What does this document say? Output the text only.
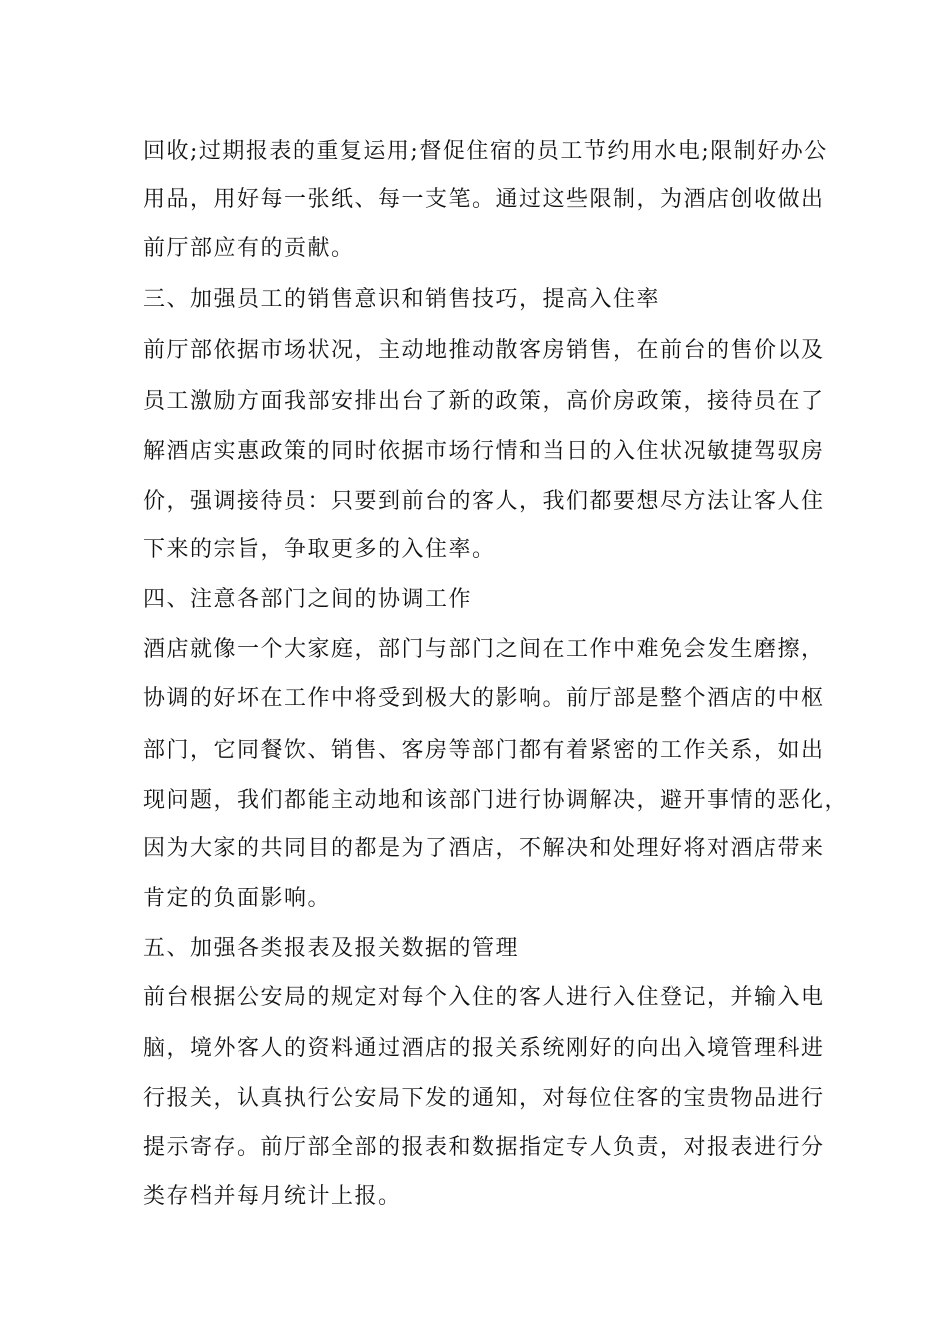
回收;过期报表的重复运用;督促住宿的员工节约用水电;限制好办公
用品，用好每一张纸、每一支笔。通过这些限制，为酒店创收做出
前厅部应有的贡献。
三、加强员工的销售意识和销售技巧，提高入住率
前厅部依据市场状况，主动地推动散客房销售，在前台的售价以及
员工激励方面我部安排出台了新的政策，高价房政策，接待员在了
解酒店实惠政策的同时依据市场行情和当日的入住状况敏捷驾驭房
价，强调接待员：只要到前台的客人，我们都要想尽方法让客人住
下来的宗旨，争取更多的入住率。
四、注意各部门之间的协调工作
酒店就像一个大家庭，部门与部门之间在工作中难免会发生磨擦，
协调的好坏在工作中将受到极大的影响。前厅部是整个酒店的中枢
部门，它同餐饮、销售、客房等部门都有着紧密的工作关系，如出
现问题，我们都能主动地和该部门进行协调解决，避开事情的恶化，
因为大家的共同目的都是为了酒店，不解决和处理好将对酒店带来
肯定的负面影响。
五、加强各类报表及报关数据的管理
前台根据公安局的规定对每个入住的客人进行入住登记，并输入电
脑，境外客人的资料通过酒店的报关系统刚好的向出入境管理科进
行报关，认真执行公安局下发的通知，对每位住客的宝贵物品进行
提示寄存。前厅部全部的报表和数据指定专人负责，对报表进行分
类存档并每月统计上报。
